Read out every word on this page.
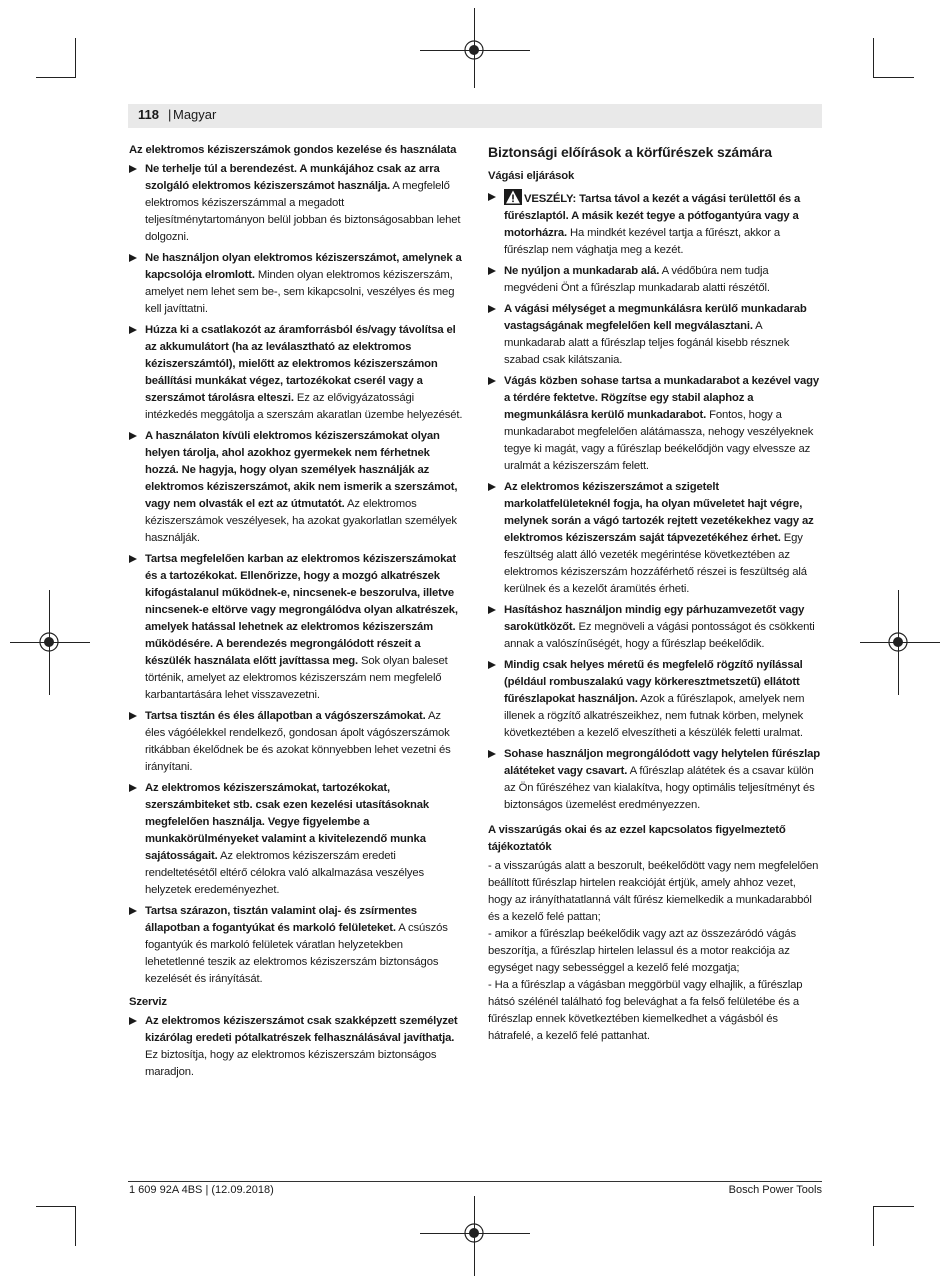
118 | Magyar

Az elektromos kéziszerszámok gondos kezelése és használata

Ne terhelje túl a berendezést. A munkájához csak az arra szolgáló elektromos kéziszerszámot használja. A megfelelő elektromos kéziszerszámmal a megadott teljesítménytartományon belül jobban és biztonságosabban lehet dolgozni.
Ne használjon olyan elektromos kéziszerszámot, amelynek a kapcsolója elromlott. Minden olyan elektromos kéziszerszám, amelyet nem lehet sem be-, sem kikapcsolni, veszélyes és meg kell javíttatni.
Húzza ki a csatlakozót az áramforrásból és/vagy távolítsa el az akkumulátort (ha az leválasztható az elektromos kéziszerszámtól), mielőtt az elektromos kéziszerszámon beállítási munkákat végez, tartozékokat cserél vagy a szerszámot tárolásra elteszi. Ez az elővigyázatossági intézkedés meggátolja a szerszám akaratlan üzembe helyezését.
A használaton kívüli elektromos kéziszerszámokat olyan helyen tárolja, ahol azokhoz gyermekek nem férhetnek hozzá. Ne hagyja, hogy olyan személyek használják az elektromos kéziszerszámot, akik nem ismerik a szerszámot, vagy nem olvasták el ezt az útmutatót. Az elektromos kéziszerszámok veszélyesek, ha azokat gyakorlatlan személyek használják.
Tartsa megfelelően karban az elektromos kéziszerszámokat és a tartozékokat. Ellenőrizze, hogy a mozgó alkatrészek kifogástalanul működnek-e, nincsenek-e beszorulva, illetve nincsenek-e eltörve vagy megrongálódva olyan alkatrészek, amelyek hatással lehetnek az elektromos kéziszerszám működésére. A berendezés megrongálódott részeit a készülék használata előtt javíttassa meg. Sok olyan baleset történik, amelyet az elektromos kéziszerszám nem megfelelő karbantartására lehet visszavezetni.
Tartsa tisztán és éles állapotban a vágószerszámokat. Az éles vágóélekkel rendelkező, gondosan ápolt vágószerszámok ritkábban ékelődnek be és azokat könnyebben lehet vezetni és irányítani.
Az elektromos kéziszerszámokat, tartozékokat, szerszámbiteket stb. csak ezen kezelési utasításoknak megfelelően használja. Vegye figyelembe a munkakörülményeket valamint a kivitelezendő munka sajátosságait. Az elektromos kéziszerszám eredeti rendeltetésétől eltérő célokra való alkalmazása veszélyes helyzetek eredeményezhet.
Tartsa szárazon, tisztán valamint olaj- és zsírmentes állapotban a fogantyúkat és markoló felületeket. A csúszós fogantyúk és markoló felületek váratlan helyzetekben lehetetlenné teszik az elektromos kéziszerszám biztonságos kezelését és irányítását.

Szerviz

Az elektromos kéziszerszámot csak szakképzett személyzet kizárólag eredeti pótalkatrészek felhasználásával javíthatja. Ez biztosítja, hogy az elektromos kéziszerszám biztonságos maradjon.

Biztonsági előírások a körfűrészek számára

Vágási eljárások

VESZÉLY: Tartsa távol a kezét a vágási területtől és a fűrészlaptól. A másik kezét tegye a pótfogantyúra vagy a motorházra. Ha mindkét kezével tartja a fűrészt, akkor a fűrészlap nem vághatja meg a kezét.
Ne nyúljon a munkadarab alá. A védőbúra nem tudja megvédeni Önt a fűrészlap munkadarab alatti részétől.
A vágási mélységet a megmunkálásra kerülő munkadarab vastagságának megfelelően kell megválasztani. A munkadarab alatt a fűrészlap teljes fogánál kisebb résznek szabad csak kilátszania.
Vágás közben sohase tartsa a munkadarabot a kezével vagy a térdére fektetve. Rögzítse egy stabil alaphoz a megmunkálásra kerülő munkadarabot. Fontos, hogy a munkadarabot megfelelően alátámassza, nehogy veszélyeknek tegye ki magát, vagy a fűrészlap beékelődjön vagy elvessze az uralmát a kéziszerszám felett.
Az elektromos kéziszerszámot a szigetelt markolatfelületeknél fogja, ha olyan műveletet hajt végre, melynek során a vágó tartozék rejtett vezetékekhez vagy az elektromos kéziszerszám saját tápvezetékéhez érhet. Egy feszültség alatt álló vezeték megérintése következtében az elektromos kéziszerszám hozzáférhető részei is feszültség alá kerülnek és a kezelőt áramütés érheti.
Hasításhoz használjon mindig egy párhuzamvezetőt vagy sarokütközőt. Ez megnöveli a vágási pontosságot és csökkenti annak a valószínűségét, hogy a fűrészlap beékelődik.
Mindig csak helyes méretű és megfelelő rögzítő nyílással (például rombuszalakú vagy körkeresztmetszetű) ellátott fűrészlapokat használjon. Azok a fűrészlapok, amelyek nem illenek a rögzítő alkatrészeikhez, nem futnak körben, melynek következtében a kezelő elveszítheti a készülék feletti uralmat.
Sohase használjon megrongálódott vagy helytelen fűrészlap alátéteket vagy csavart. A fűrészlap alátétek és a csavar külön az Ön fűrészéhez van kialakítva, hogy optimális teljesítményt és biztonságos üzemelést eredményezzen.

A visszarúgás okai és az ezzel kapcsolatos figyelmeztető tájékoztatók

- a visszarúgás alatt a beszorult, beékelődött vagy nem megfelelően beállított fűrészlap hirtelen reakcióját értjük, amely ahhoz vezet, hogy az irányíthatatlanná vált fűrész kiemelkedik a munkadarabból és a kezelő felé pattan;

- amikor a fűrészlap beékelődik vagy azt az összezáródó vágás beszorítja, a fűrészlap hirtelen lelassul és a motor reakciója az egységet nagy sebességgel a kezelő felé mozgatja;

- Ha a fűrészlap a vágásban meggörbül vagy elhajlik, a fűrészlap hátsó szélénél található fog belevághat a fa felső felületébe és a fűrészlap ennek következtében kiemelkedhet a vágásból és hátrafelé, a kezelő felé pattanhat.

1 609 92A 4BS | (12.09.2018)	Bosch Power Tools
